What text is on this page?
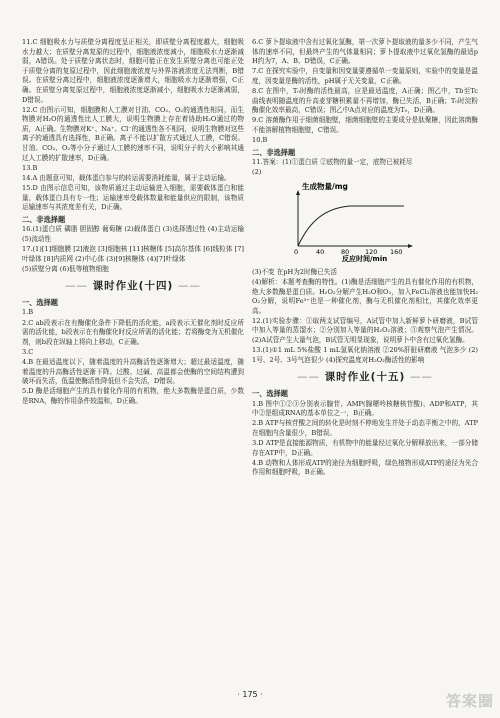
11.C 细胞吸水力与质壁分离程度呈正相关，即质壁分离程度越大，细胞吸水力越大；在质壁分离复原的过程中，细胞液浓度减小，细胞吸水力逐渐减弱，A错误。处于质壁分离状态时，细胞可能正在发生质壁分离也可能正处于质壁分离的复原过程中，因此细胞液浓度与外界溶液浓度无法判断，B错误。在质壁分离过程中，细胞液浓度逐渐增大，细胞吸水力逐渐增强，C正确。在质壁分离复原过程中，细胞液浓度逐渐减小，细胞吸水力逐渐减弱，D错误。

12.C 由图示可知，细胞膜和人工膜对甘油、CO₂、O₂的通透性相同，而生物膜对H₂O的通透性比人工膜大，说明生物膜上存在着协助H₂O通过的物质，A正确。生物膜对K⁺、Na⁺、Cl⁻的通透性各不相同，说明生物膜对这些离子的通透具有选择性，B正确。离子不能以扩散方式通过人工膜，C错误。甘油、CO₂、O₂等小分子通过人工膜的速率不同，说明分子的大小影响其通过人工膜的扩散速率，D正确。

13.B

14.A 由题意可知，载体蛋白参与的转运需要消耗能量，属于主动运输。

15.D 由图示信息可知，该物质通过主动运输进入细胞，需要载体蛋白和能量，载体蛋白具有专一性；运输速率受载体数量和能量供应的限制，该物质运输速率与其浓度差有关，D正确。

二、非选择题

16.(1)蛋白质 磷脂 胆固醇 葡萄糖 (2)载体蛋白 (3)选择透过性 (4)主动运输 (5)流动性

17.(1)[1]细胞膜 [2]液泡 [3]细胞核 [11]核糖体 [5]高尔基体 [6]线粒体 [7]叶绿体 [8]内质网 (2)中心体 (3)[9]核糖体 (4)[7]叶绿体

(5)质壁分离 (6)低等植物细胞

—— 课时作业(十四) ——
一、选择题

1.B

2.C ab段表示在有酶催化条件下降低的活化能，a段表示无催化剂时反应所需的活化能，b段表示在有酶催化时反应所需的活化能；若将酶变为无机催化剂，则b段在纵轴上将向上移动，C正确。

3.C

4.B 在最适温度以下，随着温度的升高酶活性逐渐增大；超过最适温度，随着温度的升高酶活性逐渐下降。过酸、过碱、高温都会使酶的空间结构遭到破坏而失活，低温使酶活性降低但不会失活，D错误。

5.D 酶是活细胞产生的具有催化作用的有机物，绝大多数酶是蛋白质，少数是RNA，酶的作用条件较温和，D正确。

6.C 萝卜提取液中含有过氧化氢酶，第一次萝卜提取液的量多少不同，产生气体的速率不同，但最终产生的气体量相同；萝卜提取液中过氧化氢酶的最适pH约为7，A、B、D错误，C正确。

7.C 在探究实验中，自变量和因变量要遵循单一变量原则，实验中的变量是温度，因变量是酶的活性，pH属于无关变量，C正确。

8.C 在图中，T₀时酶的活性最高，应是最适温度，A正确；图乙中，Tb至Tc曲线表明随温度的升高麦芽糖积累量不再增加，酶已失活，B正确；T₀时淀粉酶催化效率最高，C错误；图乙中A点对应的温度为T₀，D正确。

9.C 溶菌酶作用于细菌细胞壁，细菌细胞壁的主要成分是肽聚糖，因此溶菌酶不能溶解植物细胞壁，C错误。

10.B

二、非选择题

11.答案：(1)①蛋白质 ②底物的量一定，底物已被耗尽

(2)

生成物量/mg
0	40	80 120 160
反应时间/min

(3)不变 在pH为2时酶已失活

(4)解析：本题考查酶的特性。(1)酶是活细胞产生的具有催化作用的有机物，绝大多数酶是蛋白质。H₂O₂分解产生H₂O和O₂，加入FeCl₃溶液也能加快H₂O₂分解，说明Fe³⁺也是一种催化剂，酶与无机催化剂相比，其催化效率更高。

12.(1)实验步骤：①取两支试管编号，A试管中加入新鲜萝卜研磨液，B试管中加入等量的蒸馏水；②分别加入等量的H₂O₂溶液；③观察气泡产生情况。(2)A试管产生大量气泡，B试管无明显现象，说明萝卜中含有过氧化氢酶。

13.(1)①1 mL 5%盐酸 1 mL氢氧化钠溶液 ②20%肝脏研磨液 气泡多少 (2)1号、2号、3号气泡很少 (4)探究温度对H₂O₂酶活性的影响

—— 课时作业(十五) ——
一、选择题

1.B 图中①②③分别表示腺苷、AMP(腺嘌呤核糖核苷酸)、ADP和ATP，其中②是组成RNA的基本单位之一，B正确。

2.B ATP与核苷酸之间的转化是时刻不停地发生并处于动态平衡之中的，ATP在细胞内含量很少，B错误。

3.D ATP是直接能源物质，有机物中的能量经过氧化分解释放出来，一部分储存在ATP中，D正确。

4.B 动物和人体形成ATP的途径为细胞呼吸，绿色植物形成ATP的途径为光合作用和细胞呼吸，B正确。

· 175 ·	答案圈
